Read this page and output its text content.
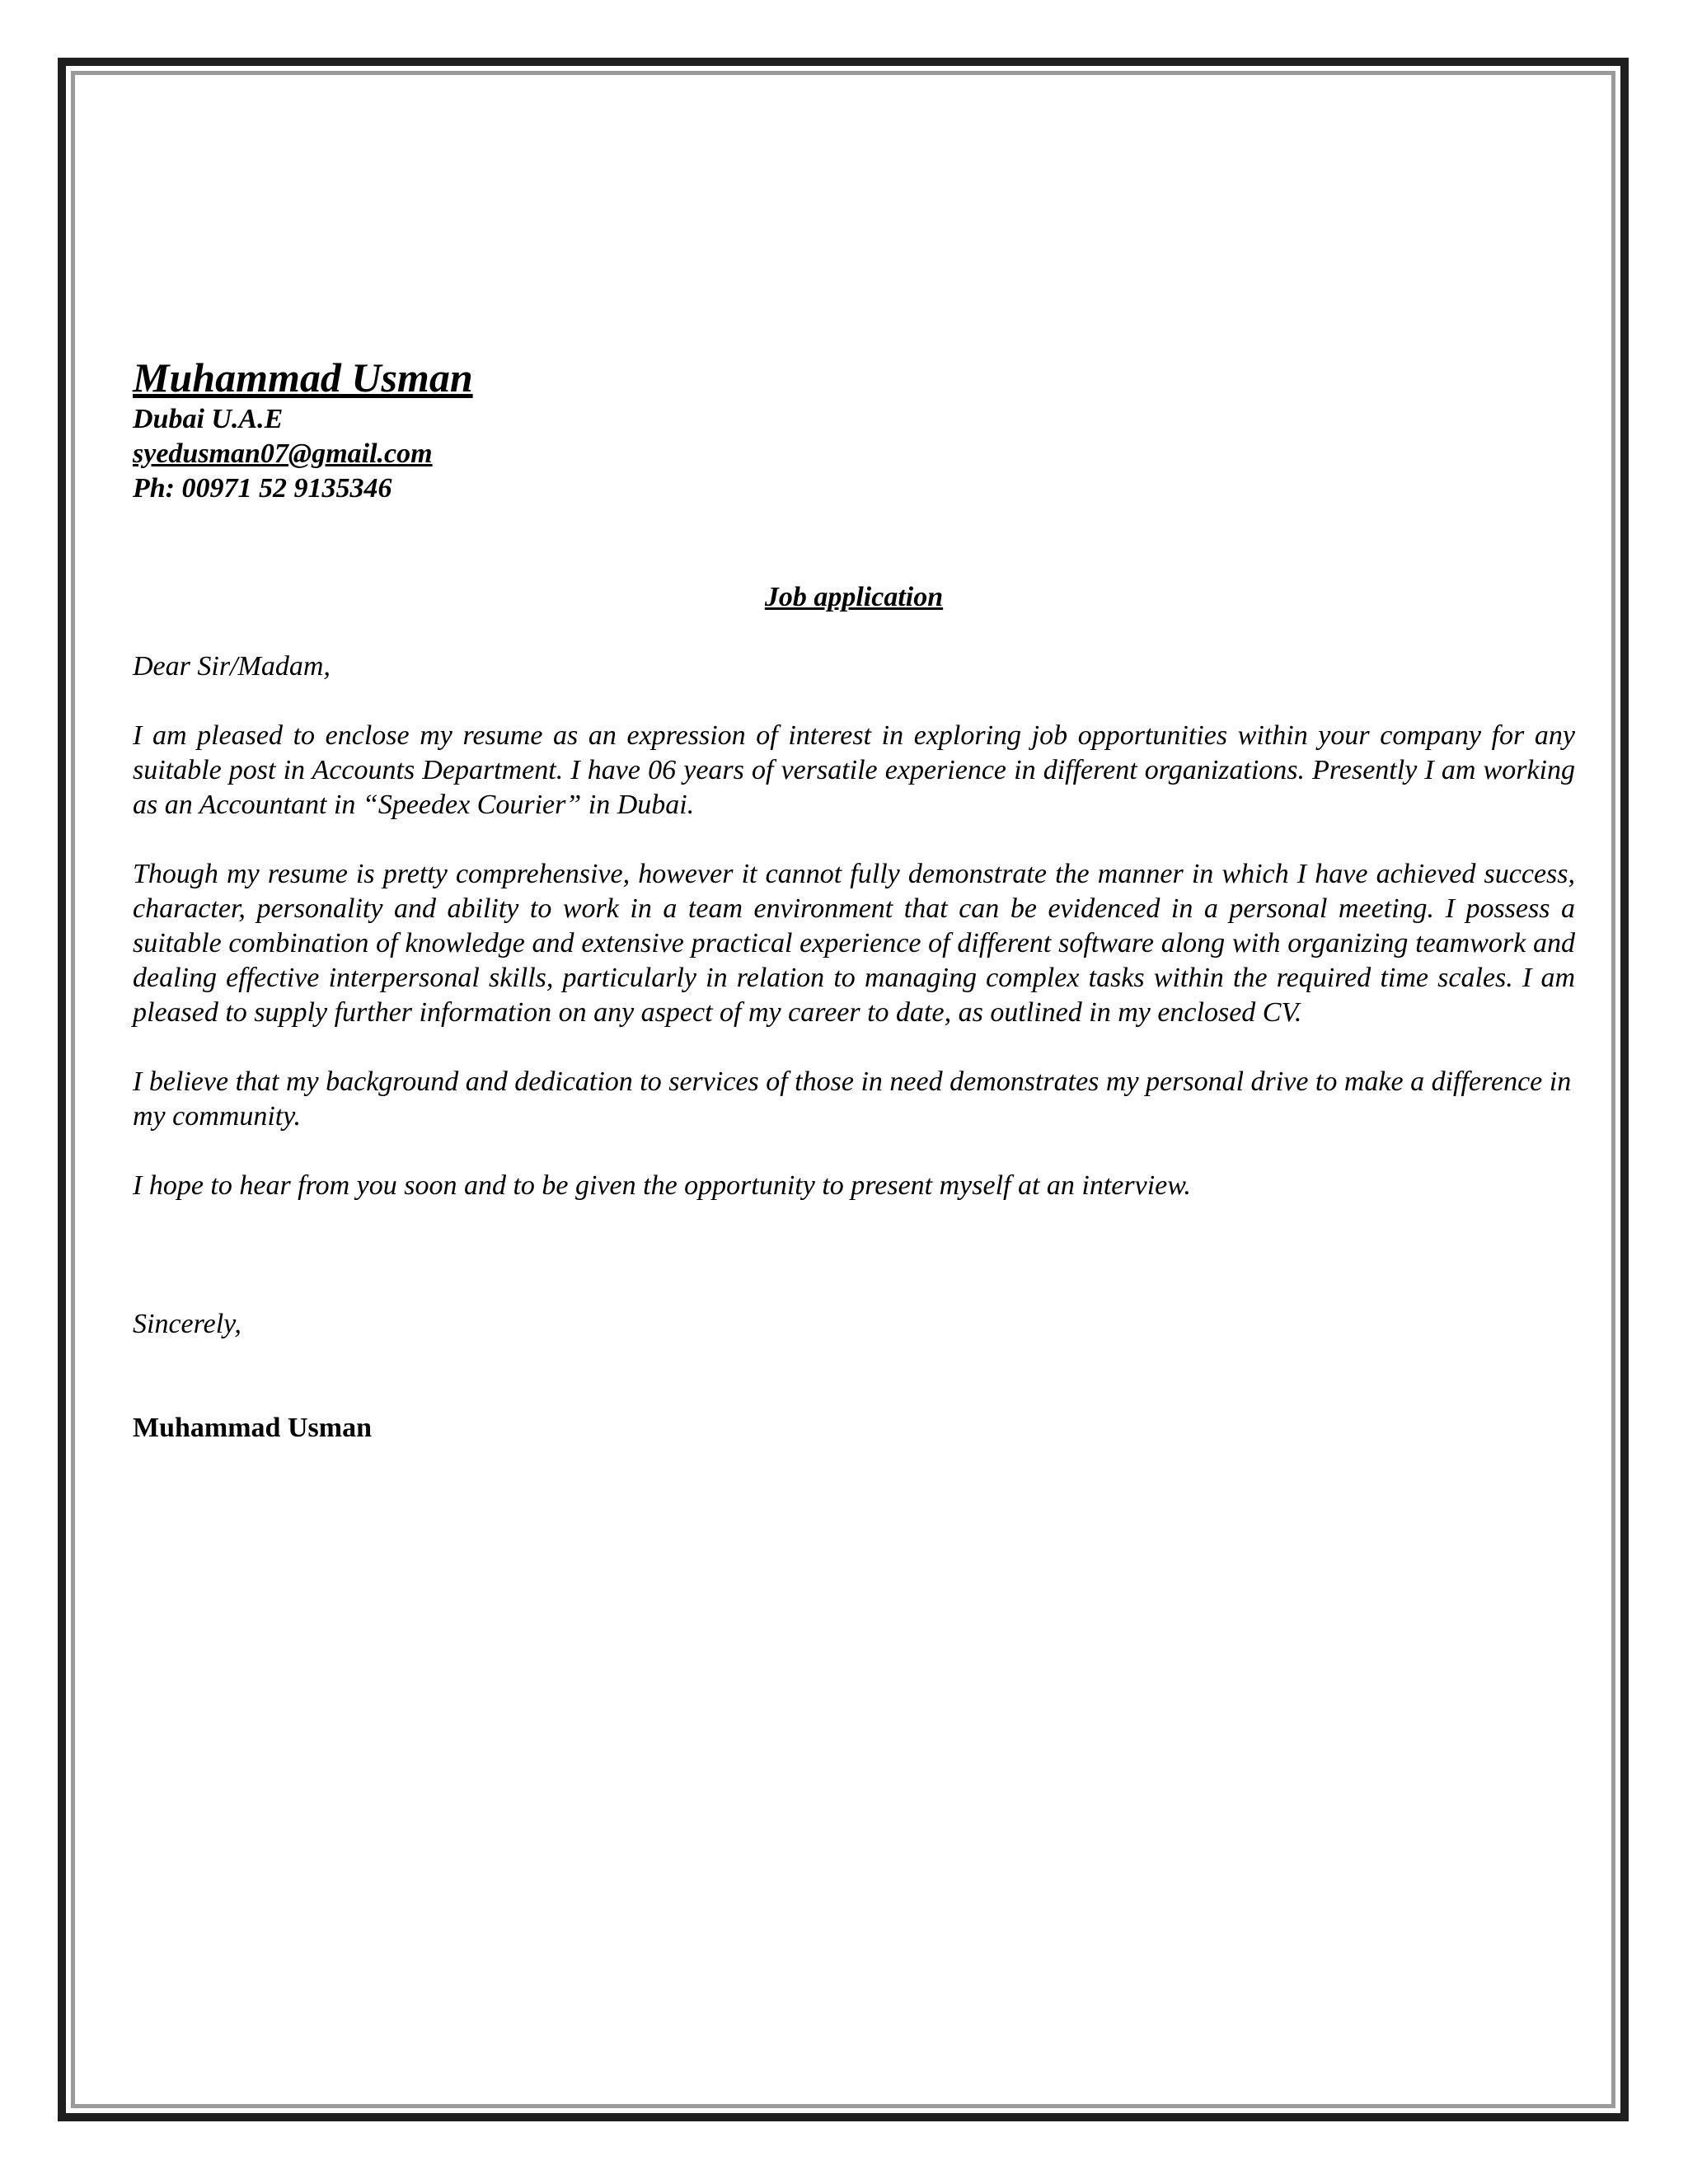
Muhammad Usman
Dubai U.A.E
syedusman07@gmail.com
Ph: 00971 52 9135346
Job application
Dear Sir/Madam,
I am pleased to enclose my resume as an expression of interest in exploring job opportunities within your company for any suitable post in Accounts Department. I have 06 years of versatile experience in different organizations. Presently I am working as an Accountant in “Speedex Courier” in Dubai.
Though my resume is pretty comprehensive, however it cannot fully demonstrate the manner in which I have achieved success, character, personality and ability to work in a team environment that can be evidenced in a personal meeting. I possess a suitable combination of knowledge and extensive practical experience of different software along with organizing teamwork and dealing effective interpersonal skills, particularly in relation to managing complex tasks within the required time scales. I am pleased to supply further information on any aspect of my career to date, as outlined in my enclosed CV.
I believe that my background and dedication to services of those in need demonstrates my personal drive to make a difference in my community.
I hope to hear from you soon and to be given the opportunity to present myself at an interview.
Sincerely,
Muhammad Usman
